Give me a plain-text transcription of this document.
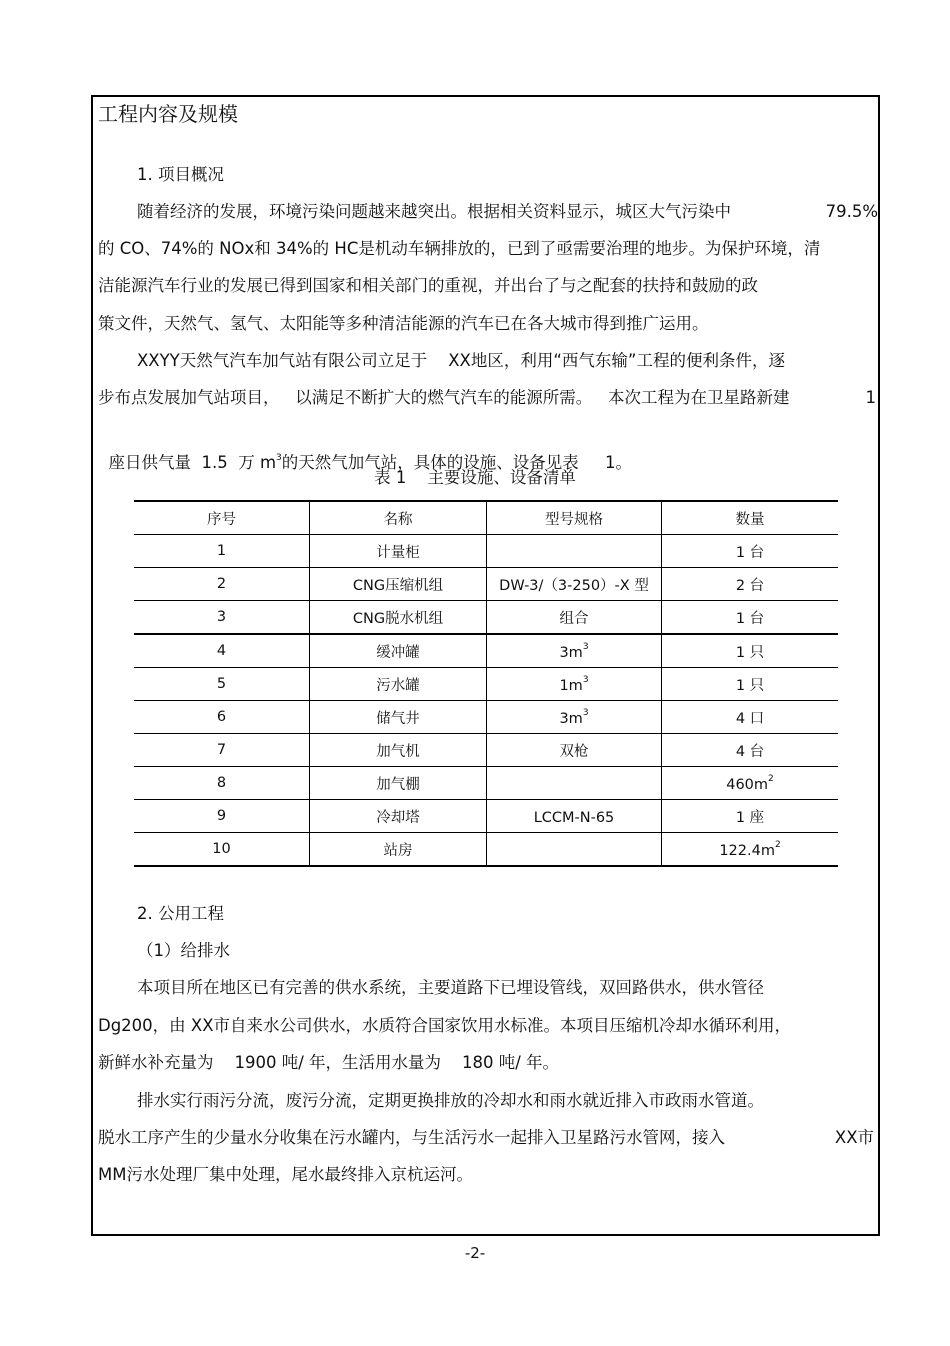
工程内容及规模
1. 项目概况
随着经济的发展，环境污染问题越来越突出。根据相关资料显示，城区大气污染中	79.5%
的 CO、74%的 NOx和 34%的 HC是机动车辆排放的，已到了亟需要治理的地步。为保护环境，清
洁能源汽车行业的发展已得到国家和相关部门的重视，并出台了与之配套的扶持和鼓励的政
策文件，天然气、氢气、太阳能等多种清洁能源的汽车已在各大城市得到推广运用。
XXYY天然气汽车加气站有限公司立足于    XX地区，利用“西气东输”工程的便利条件，逐
步布点发展加气站项目，   以满足不断扩大的燃气汽车的能源所需。   本次工程为在卫星路新建	1

座日供气量  1.5  万 $m^3$的天然气加气站，具体的设施、设备见表     1。

表 1    主要设施、设备清单
序号	名称	型号规格	数量
1	计量柜		1 台
2	CNG压缩机组	DW-3/（3-250）-X 型	2 台
3	CNG脱水机组	组合	1 台
4	缓冲罐	$3m^3$	1 只
5	污水罐	$1m^3$	1 只
6	储气井	$3m^3$	4 口
7	加气机	双枪	4 台
8	加气棚		$460m^2$
9	冷却塔	LCCM-N-65	1 座
10	站房		$122.4m^2$
2. 公用工程
（1）给排水
本项目所在地区已有完善的供水系统，主要道路下已埋设管线，双回路供水，供水管径
Dg200，由 XX市自来水公司供水，水质符合国家饮用水标准。本项目压缩机冷却水循环利用，
新鲜水补充量为    1900 吨/ 年，生活用水量为    180 吨/ 年。
排水实行雨污分流，废污分流，定期更换排放的冷却水和雨水就近排入市政雨水管道。
脱水工序产生的少量水分收集在污水罐内，与生活污水一起排入卫星路污水管网，接入	XX市
MM污水处理厂集中处理，尾水最终排入京杭运河。
-2-
